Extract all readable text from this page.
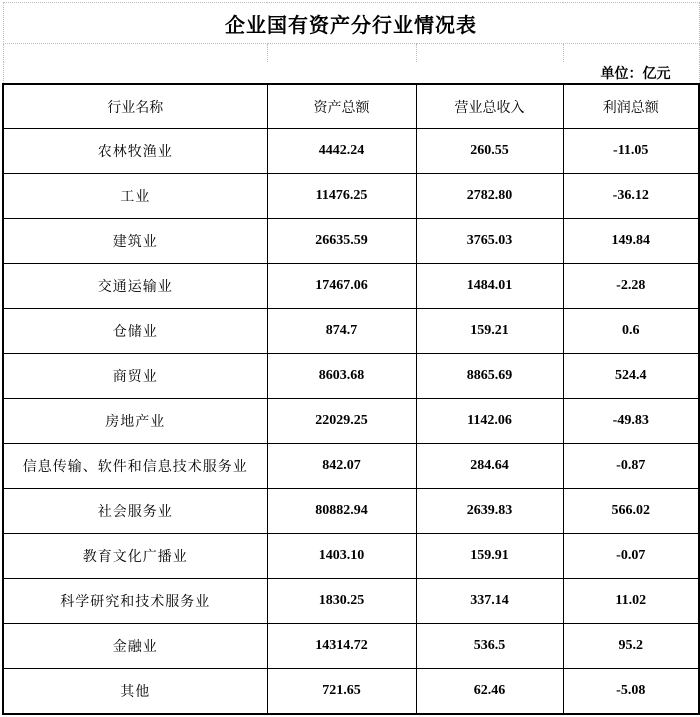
企业国有资产分行业情况表			

单位：亿元			
行业名称	资产总额	营业总收入	利润总额
农林牧渔业	4442.24	260.55	-11.05
工业	11476.25	2782.80	-36.12
建筑业	26635.59	3765.03	149.84
交通运输业	17467.06	1484.01	-2.28
仓储业	874.7	159.21	0.6
商贸业	8603.68	8865.69	524.4
房地产业	22029.25	1142.06	-49.83
信息传输、软件和信息技术服务业	842.07	284.64	-0.87
社会服务业	80882.94	2639.83	566.02
教育文化广播业	1403.10	159.91	-0.07
科学研究和技术服务业	1830.25	337.14	11.02
金融业	14314.72	536.5	95.2
其他	721.65	62.46	-5.08
